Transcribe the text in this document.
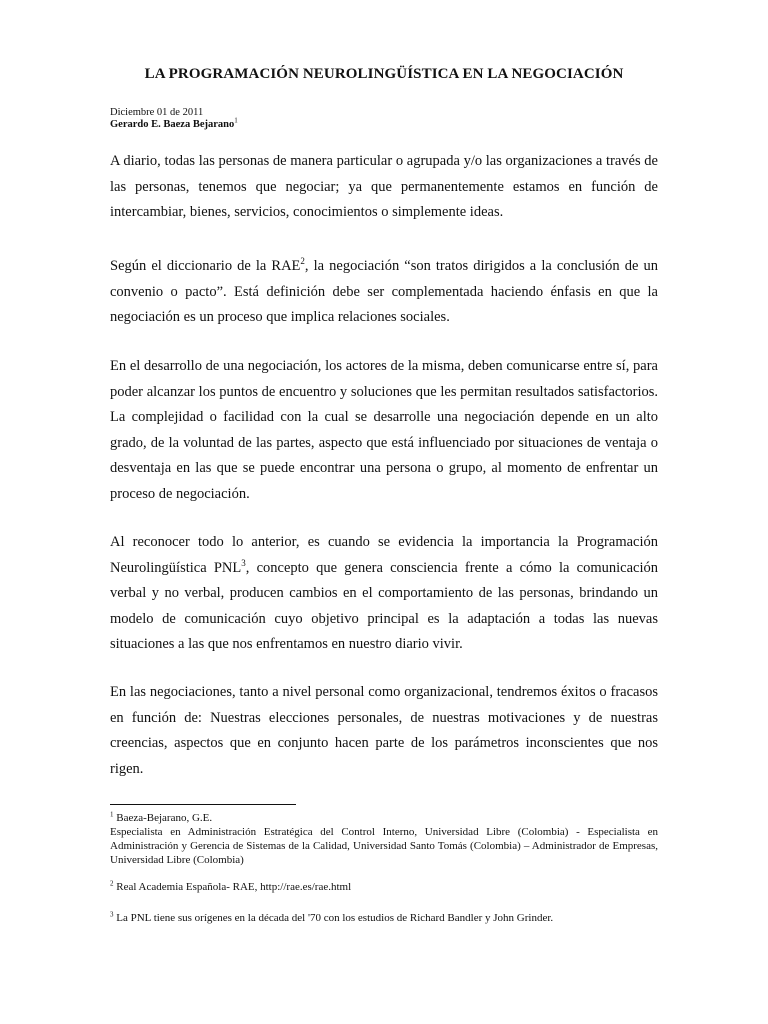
LA PROGRAMACIÓN NEUROLINGÜÍSTICA EN LA NEGOCIACIÓN
Diciembre 01 de 2011
Gerardo E. Baeza Bejarano$^1$
A diario, todas las personas de manera particular o agrupada y/o las organizaciones a través de las personas, tenemos que negociar; ya que permanentemente estamos en función de intercambiar, bienes, servicios, conocimientos o simplemente ideas.
Según el diccionario de la RAE$^2$, la negociación “son tratos dirigidos a la conclusión de un convenio o pacto”. Está definición debe ser complementada haciendo énfasis en que la negociación es un proceso que implica relaciones sociales.
En el desarrollo de una negociación, los actores de la misma, deben comunicarse entre sí, para poder alcanzar los puntos de encuentro y soluciones que les permitan resultados satisfactorios. La complejidad o facilidad con la cual se desarrolle una negociación depende en un alto grado, de la voluntad de las partes, aspecto que está influenciado por situaciones de ventaja o desventaja en las que se puede encontrar una persona o grupo, al momento de enfrentar un proceso de negociación.
Al reconocer todo lo anterior, es cuando se evidencia la importancia la Programación Neurolingüística PNL$^3$, concepto que genera consciencia frente a cómo la comunicación verbal y no verbal, producen cambios en el comportamiento de las personas, brindando un modelo de comunicación cuyo objetivo principal es la adaptación a todas las nuevas situaciones a las que nos enfrentamos en nuestro diario vivir.
En las negociaciones, tanto a nivel personal como organizacional, tendremos éxitos o fracasos en función de: Nuestras elecciones personales, de nuestras motivaciones y de nuestras creencias, aspectos que en conjunto hacen parte de los parámetros inconscientes que nos rigen.
$^1$ Baeza-Bejarano, G.E.
Especialista en Administración Estratégica del Control Interno, Universidad Libre (Colombia) - Especialista en Administración y Gerencia de Sistemas de la Calidad, Universidad Santo Tomás (Colombia) – Administrador de Empresas, Universidad Libre (Colombia)
$^2$ Real Academia Española- RAE, http://rae.es/rae.html
$^3$ La PNL tiene sus orígenes en la década del '70 con los estudios de Richard Bandler y John Grinder.
